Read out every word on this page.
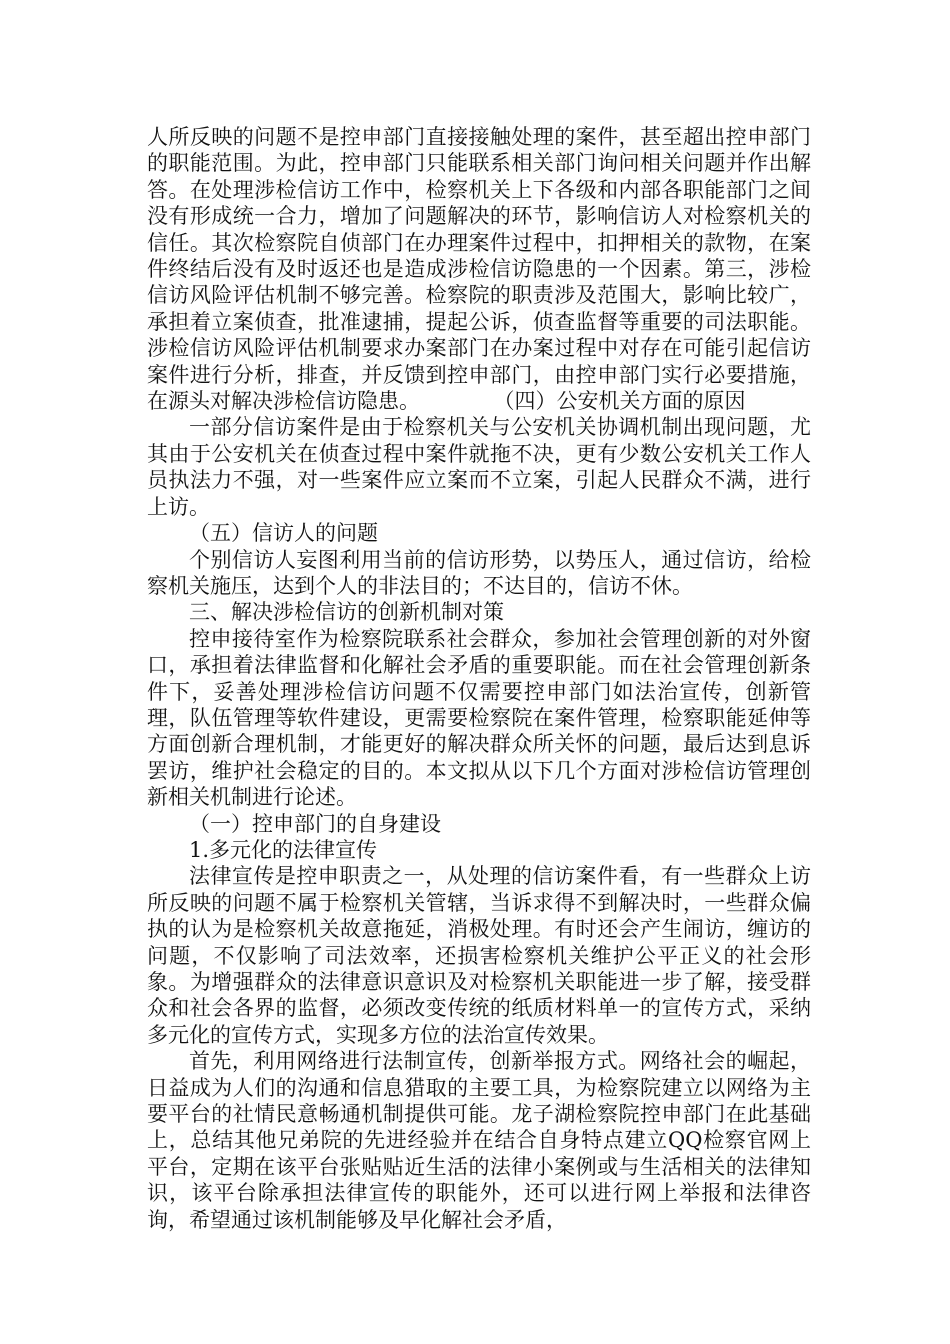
人所反映的问题不是控申部门直接接触处理的案件，甚至超出控申部门的职能范围。为此，控申部门只能联系相关部门询问相关问题并作出解答。在处理涉检信访工作中，检察机关上下各级和内部各职能部门之间没有形成统一合力，增加了问题解决的环节，影响信访人对检察机关的信任。其次检察院自侦部门在办理案件过程中，扣押相关的款物，在案件终结后没有及时返还也是造成涉检信访隐患的一个因素。第三，涉检信访风险评估机制不够完善。检察院的职责涉及范围大，影响比较广，承担着立案侦查，批准逮捕，提起公诉，侦查监督等重要的司法职能。涉检信访风险评估机制要求办案部门在办案过程中对存在可能引起信访案件进行分析，排查，并反馈到控申部门，由控申部门实行必要措施，在源头对解决涉检信访隐患。	（四）公安机关方面的原因

一部分信访案件是由于检察机关与公安机关协调机制出现问题，尤其由于公安机关在侦查过程中案件就拖不决，更有少数公安机关工作人员执法力不强，对一些案件应立案而不立案，引起人民群众不满，进行上访。

（五）信访人的问题

个别信访人妄图利用当前的信访形势，以势压人，通过信访，给检察机关施压，达到个人的非法目的；不达目的，信访不休。

三、解决涉检信访的创新机制对策

控申接待室作为检察院联系社会群众，参加社会管理创新的对外窗口，承担着法律监督和化解社会矛盾的重要职能。而在社会管理创新条件下，妥善处理涉检信访问题不仅需要控申部门如法治宣传，创新管理，队伍管理等软件建设，更需要检察院在案件管理，检察职能延伸等方面创新合理机制，才能更好的解决群众所关怀的问题，最后达到息诉罢访，维护社会稳定的目的。本文拟从以下几个方面对涉检信访管理创新相关机制进行论述。

（一）控申部门的自身建设

1.多元化的法律宣传

法律宣传是控申职责之一，从处理的信访案件看，有一些群众上访所反映的问题不属于检察机关管辖，当诉求得不到解决时，一些群众偏执的认为是检察机关故意拖延，消极处理。有时还会产生闹访，缠访的问题，不仅影响了司法效率，还损害检察机关维护公平正义的社会形象。为增强群众的法律意识意识及对检察机关职能进一步了解，接受群众和社会各界的监督，必须改变传统的纸质材料单一的宣传方式，采纳多元化的宣传方式，实现多方位的法治宣传效果。

首先，利用网络进行法制宣传，创新举报方式。网络社会的崛起，日益成为人们的沟通和信息猎取的主要工具，为检察院建立以网络为主要平台的社情民意畅通机制提供可能。龙子湖检察院控申部门在此基础上，总结其他兄弟院的先进经验并在结合自身特点建立QQ检察官网上平台，定期在该平台张贴贴近生活的法律小案例或与生活相关的法律知识，该平台除承担法律宣传的职能外，还可以进行网上举报和法律咨询，希望通过该机制能够及早化解社会矛盾，
